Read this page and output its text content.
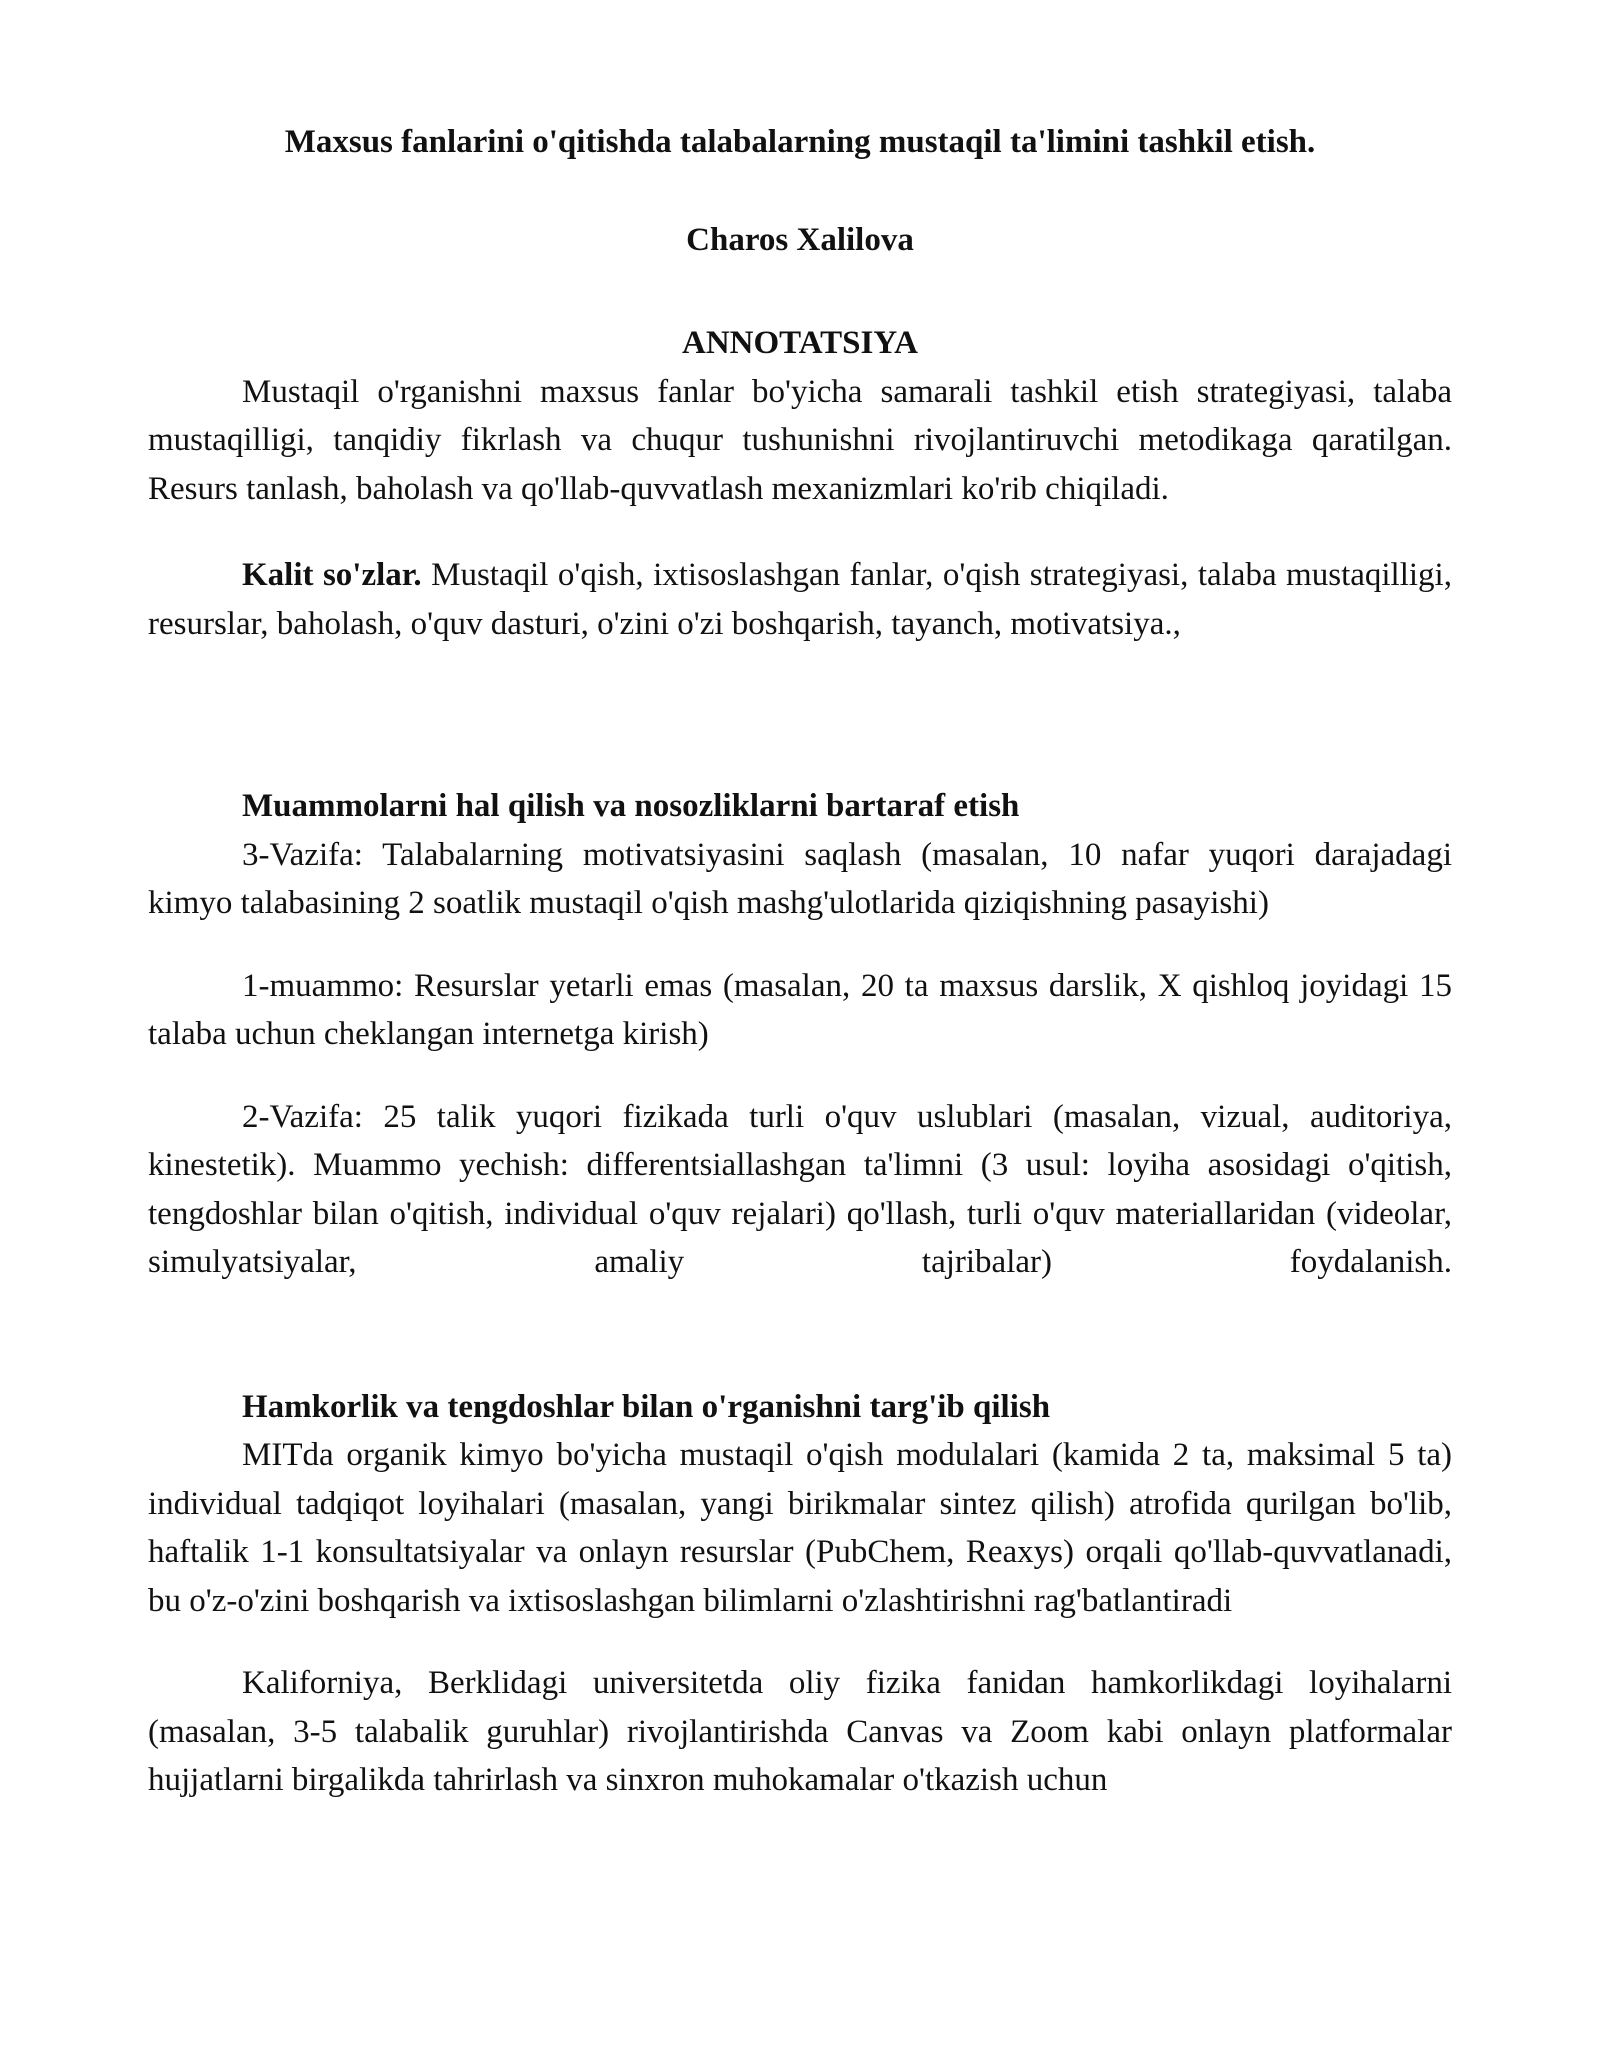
Maxsus fanlarini o'qitishda talabalarning mustaqil ta'limini tashkil etish.

Charos Xalilova

ANNOTATSIYA

Mustaqil o'rganishni maxsus fanlar bo'yicha samarali tashkil etish strategiyasi, talaba mustaqilligi, tanqidiy fikrlash va chuqur tushunishni rivojlantiruvchi metodikaga qaratilgan. Resurs tanlash, baholash va qo'llab-quvvatlash mexanizmlari ko'rib chiqiladi.

Kalit so'zlar. Mustaqil o'qish, ixtisoslashgan fanlar, o'qish strategiyasi, talaba mustaqilligi, resurslar, baholash, o'quv dasturi, o'zini o'zi boshqarish, tayanch, motivatsiya.,

Muammolarni hal qilish va nosozliklarni bartaraf etish

3-Vazifa: Talabalarning motivatsiyasini saqlash (masalan, 10 nafar yuqori darajadagi kimyo talabasining 2 soatlik mustaqil o'qish mashg'ulotlarida qiziqishning pasayishi)

1-muammo: Resurslar yetarli emas (masalan, 20 ta maxsus darslik, X qishloq joyidagi 15 talaba uchun cheklangan internetga kirish)

2-Vazifa: 25 talik yuqori fizikada turli o'quv uslublari (masalan, vizual, auditoriya, kinestetik). Muammo yechish: differentsiallashgan ta'limni (3 usul: loyiha asosidagi o'qitish, tengdoshlar bilan o'qitish, individual o'quv rejalari) qo'llash, turli o'quv materiallaridan (videolar, simulyatsiyalar, amaliy tajribalar) foydalanish.

Hamkorlik va tengdoshlar bilan o'rganishni targ'ib qilish

MITda organik kimyo bo'yicha mustaqil o'qish modulalari (kamida 2 ta, maksimal 5 ta) individual tadqiqot loyihalari (masalan, yangi birikmalar sintez qilish) atrofida qurilgan bo'lib, haftalik 1-1 konsultatsiyalar va onlayn resurslar (PubChem, Reaxys) orqali qo'llab-quvvatlanadi, bu o'z-o'zini boshqarish va ixtisoslashgan bilimlarni o'zlashtirishni rag'batlantiradi

Kaliforniya, Berklidagi universitetda oliy fizika fanidan hamkorlikdagi loyihalarni (masalan, 3-5 talabalik guruhlar) rivojlantirishda Canvas va Zoom kabi onlayn platformalar hujjatlarni birgalikda tahrirlash va sinxron muhokamalar o'tkazish uchun
